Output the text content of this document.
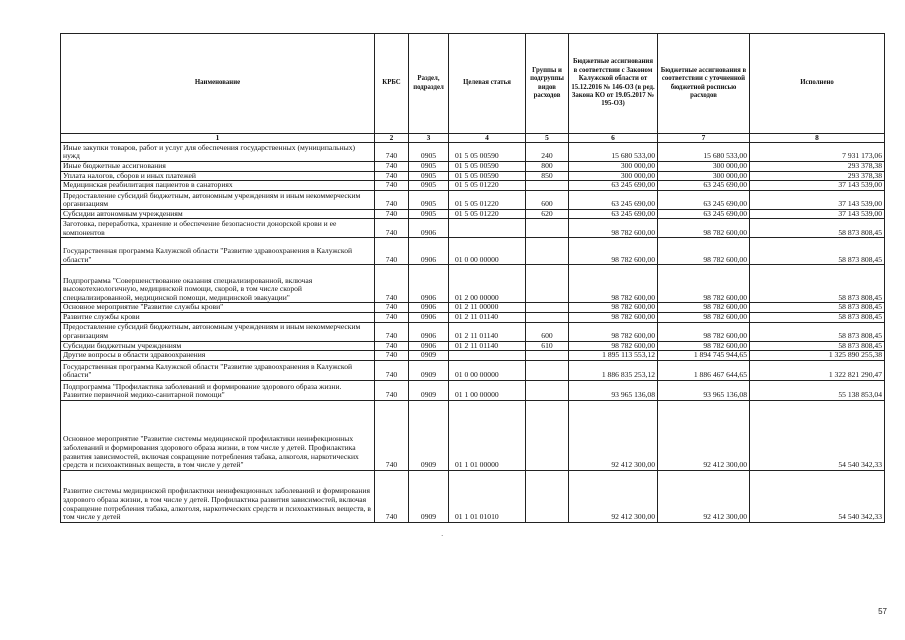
Наименование	КРБС	Раздел, подраздел	Целевая статья	Группы и подгруппы видов расходов	Бюджетные ассигнования в соответствии с Законом Калужской области от 15.12.2016 № 146-ОЗ (в ред. Закона КО от 19.05.2017 № 195-ОЗ)	Бюджетные ассигнования в соответствии с уточненной бюджетной росписью расходов	Исполнено
1	2	3	4	5	6	7	8
Иные закупки товаров, работ и услуг для обеспечения государственных (муниципальных) нужд	740	0905	01 5 05 00590	240	15 680 533,00	15 680 533,00	7 931 173,06
Иные бюджетные ассигнования	740	0905	01 5 05 00590	800	300 000,00	300 000,00	293 378,38
Уплата налогов, сборов и иных платежей	740	0905	01 5 05 00590	850	300 000,00	300 000,00	293 378,38
Медицинская реабилитация пациентов в санаториях	740	0905	01 5 05 01220		63 245 690,00	63 245 690,00	37 143 539,00
Предоставление субсидий бюджетным, автономным учреждениям и иным некоммерческим организациям	740	0905	01 5 05 01220	600	63 245 690,00	63 245 690,00	37 143 539,00
Субсидии автономным учреждениям	740	0905	01 5 05 01220	620	63 245 690,00	63 245 690,00	37 143 539,00
Заготовка, переработка, хранение и обеспечение безопасности донорской крови и ее компонентов	740	0906			98 782 600,00	98 782 600,00	58 873 808,45
Государственная программа Калужской области "Развитие здравоохранения в Калужской области"	740	0906	01 0 00 00000		98 782 600,00	98 782 600,00	58 873 808,45
Подпрограмма "Совершенствование оказания специализированной, включая высокотехнологичную, медицинской помощи, скорой, в том числе скорой специализированной, медицинской помощи, медицинской эвакуации"	740	0906	01 2 00 00000		98 782 600,00	98 782 600,00	58 873 808,45
Основное мероприятие "Развитие службы крови"	740	0906	01 2 11 00000		98 782 600,00	98 782 600,00	58 873 808,45
Развитие службы крови	740	0906	01 2 11 01140		98 782 600,00	98 782 600,00	58 873 808,45
Предоставление субсидий бюджетным, автономным учреждениям и иным некоммерческим организациям	740	0906	01 2 11 01140	600	98 782 600,00	98 782 600,00	58 873 808,45
Субсидии бюджетным учреждениям	740	0906	01 2 11 01140	610	98 782 600,00	98 782 600,00	58 873 808,45
Другие вопросы в области здравоохранения	740	0909			1 895 113 553,12	1 894 745 944,65	1 325 890 255,38
Государственная программа Калужской области "Развитие здравоохранения в Калужской области"	740	0909	01 0 00 00000		1 886 835 253,12	1 886 467 644,65	1 322 821 290,47
Подпрограмма "Профилактика заболеваний и формирование здорового образа жизни. Развитие первичной медико-санитарной помощи"	740	0909	01 1 00 00000		93 965 136,08	93 965 136,08	55 138 853,04
Основное мероприятие "Развитие системы медицинской профилактики неинфекционных заболеваний и формирования здорового образа жизни, в том числе у детей. Профилактика развития зависимостей, включая сокращение потребления табака, алкоголя, наркотических средств и психоактивных веществ, в том числе у детей"	740	0909	01 1 01 00000		92 412 300,00	92 412 300,00	54 540 342,33
Развитие системы медицинской профилактики неинфекционных заболеваний и формирования здорового образа жизни, в том числе у детей. Профилактика развития зависимостей, включая сокращение потребления табака, алкоголя, наркотических средств и психоактивных веществ, в том числе у детей	740	0909	01 1 01 01010		92 412 300,00	92 412 300,00	54 540 342,33
·
57
